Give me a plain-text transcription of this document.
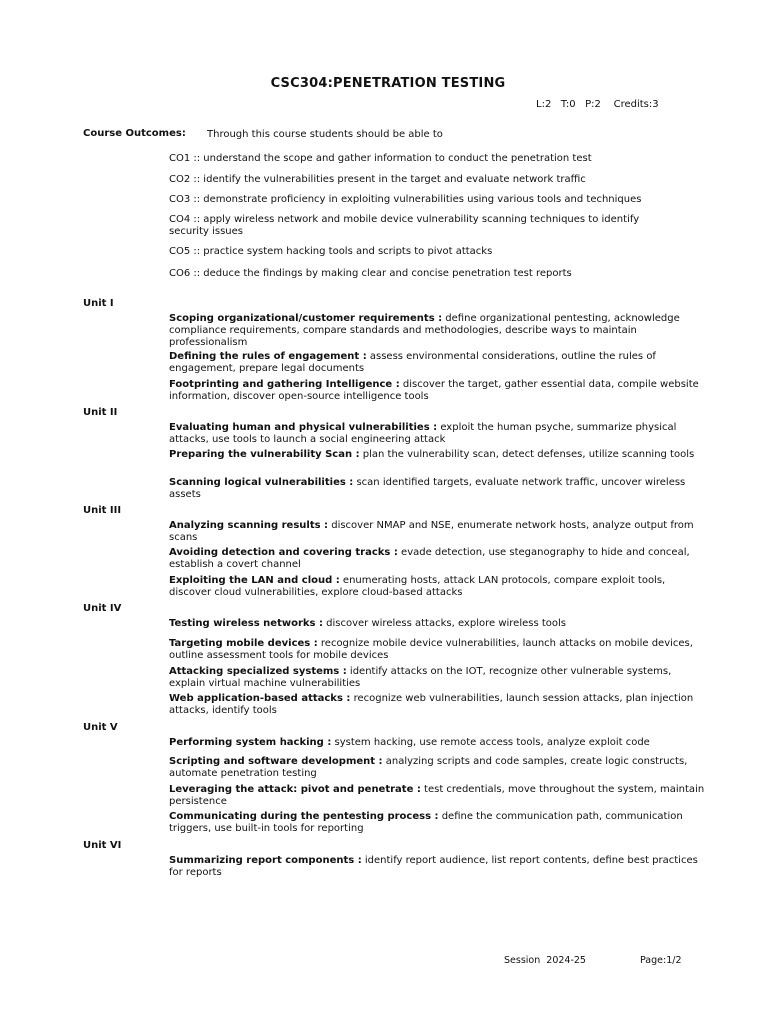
CSC304:PENETRATION TESTING
L:2   T:0   P:2    Credits:3
Course Outcomes: Through this course students should be able to
CO1 :: understand the scope and gather information to conduct the penetration test
CO2 :: identify the vulnerabilities present in the target and evaluate network traffic
CO3 :: demonstrate proficiency in exploiting vulnerabilities using various tools and techniques
CO4 :: apply wireless network and mobile device vulnerability scanning techniques to identify security issues
CO5 :: practice system hacking tools and scripts to pivot attacks
CO6 :: deduce the findings by making clear and concise penetration test reports
Unit I
Scoping organizational/customer requirements : define organizational pentesting, acknowledge compliance requirements, compare standards and methodologies, describe ways to maintain professionalism
Defining the rules of engagement : assess environmental considerations, outline the rules of engagement, prepare legal documents
Footprinting and gathering Intelligence : discover the target, gather essential data, compile website information, discover open-source intelligence tools
Unit II
Evaluating human and physical vulnerabilities : exploit the human psyche, summarize physical attacks, use tools to launch a social engineering attack
Preparing the vulnerability Scan : plan the vulnerability scan, detect defenses, utilize scanning tools
Scanning logical vulnerabilities : scan identified targets, evaluate network traffic, uncover wireless assets
Unit III
Analyzing scanning results : discover NMAP and NSE, enumerate network hosts, analyze output from scans
Avoiding detection and covering tracks : evade detection, use steganography to hide and conceal, establish a covert channel
Exploiting the LAN and cloud : enumerating hosts, attack LAN protocols, compare exploit tools, discover cloud vulnerabilities, explore cloud-based attacks
Unit IV
Testing wireless networks : discover wireless attacks, explore wireless tools
Targeting mobile devices : recognize mobile device vulnerabilities, launch attacks on mobile devices, outline assessment tools for mobile devices
Attacking specialized systems : identify attacks on the IOT, recognize other vulnerable systems, explain virtual machine vulnerabilities
Web application-based attacks : recognize web vulnerabilities, launch session attacks, plan injection attacks, identify tools
Unit V
Performing system hacking : system hacking, use remote access tools, analyze exploit code
Scripting and software development : analyzing scripts and code samples, create logic constructs, automate penetration testing
Leveraging the attack: pivot and penetrate : test credentials, move throughout the system, maintain persistence
Communicating during the pentesting process : define the communication path, communication triggers, use built-in tools for reporting
Unit VI
Summarizing report components : identify report audience, list report contents, define best practices for reports
Session  2024-25	Page:1/2
